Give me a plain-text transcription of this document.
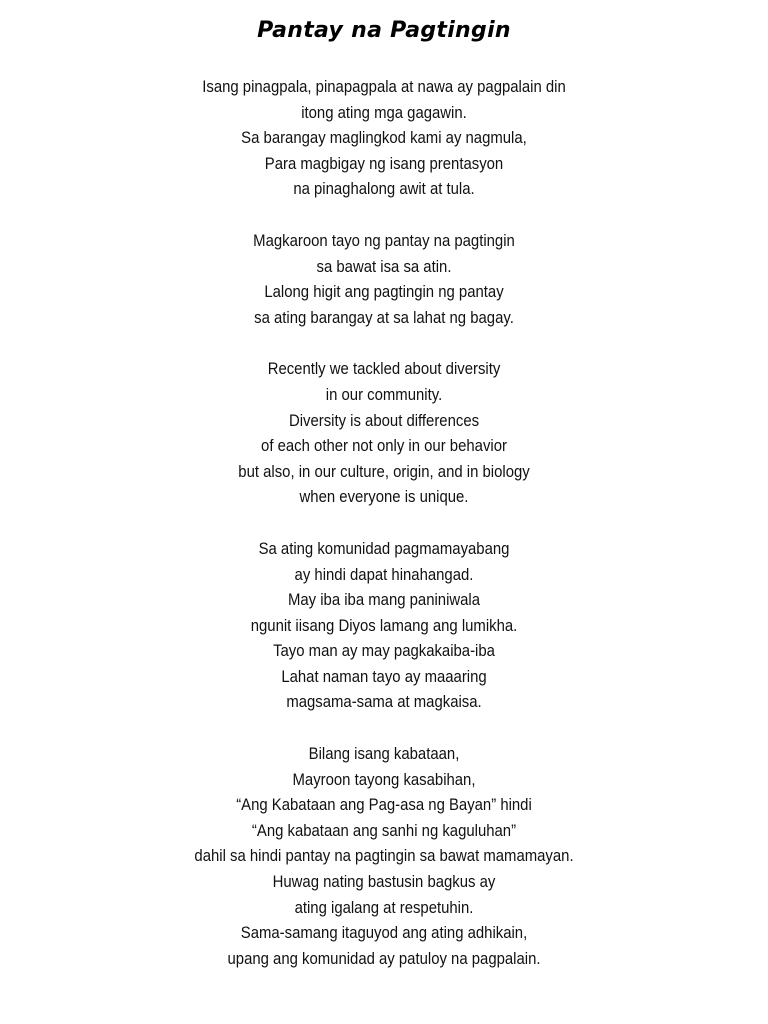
Pantay na Pagtingin
Isang pinagpala, pinapagpala at nawa ay pagpalain din
itong ating mga gagawin.
Sa barangay maglingkod kami ay nagmula,
Para magbigay ng isang prentasyon
na pinaghalong awit at tula.
Magkaroon tayo ng pantay na pagtingin
sa bawat isa sa atin.
Lalong higit ang pagtingin ng pantay
sa ating barangay at sa lahat ng bagay.
Recently we tackled about diversity
in our community.
Diversity is about differences
of each other not only in our behavior
but also, in our culture, origin, and in biology
when everyone is unique.
Sa ating komunidad pagmamayabang
ay hindi dapat hinahangad.
May iba iba mang paniniwala
ngunit iisang Diyos lamang ang lumikha.
Tayo man ay may pagkakaiba-iba
Lahat naman tayo ay maaaring
magsama-sama at magkaisa.
Bilang isang kabataan,
Mayroon tayong kasabihan,
“Ang Kabataan ang Pag-asa ng Bayan” hindi
“Ang kabataan ang sanhi ng kaguluhan”
dahil sa hindi pantay na pagtingin sa bawat mamamayan.
Huwag nating bastusin bagkus ay
ating igalang at respetuhin.
Sama-samang itaguyod ang ating adhikain,
upang ang komunidad ay patuloy na pagpalain.
